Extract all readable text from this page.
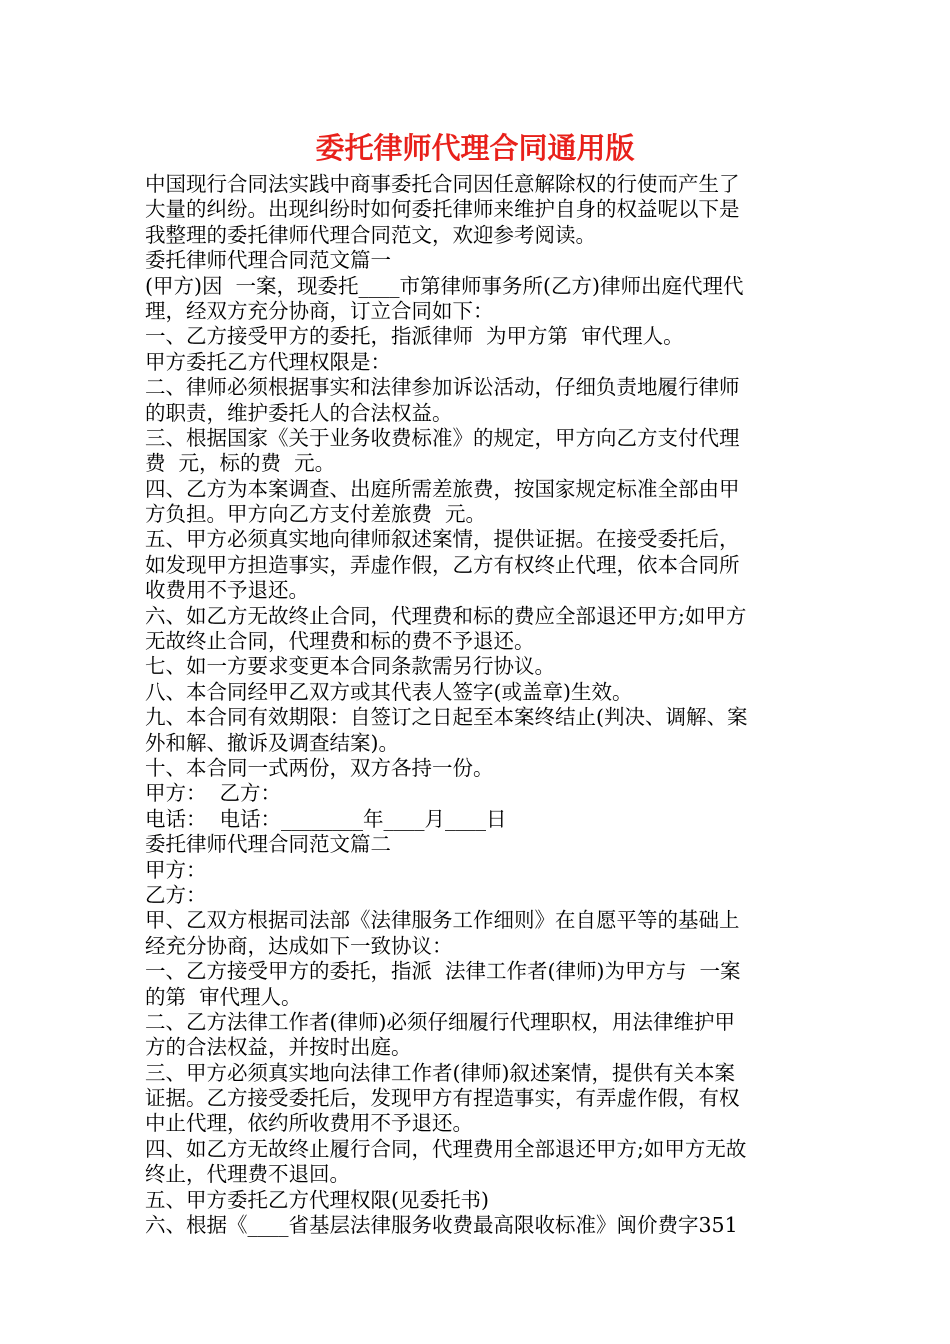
委托律师代理合同通用版
中国现行合同法实践中商事委托合同因任意解除权的行使而产生了
大量的纠纷。出现纠纷时如何委托律师来维护自身的权益呢以下是
我整理的委托律师代理合同范文，欢迎参考阅读。
委托律师代理合同范文篇一
(甲方)因  一案，现委托____市第律师事务所(乙方)律师出庭代理代
理，经双方充分协商，订立合同如下：
一、乙方接受甲方的委托，指派律师  为甲方第  审代理人。
甲方委托乙方代理权限是：
二、律师必须根据事实和法律参加诉讼活动，仔细负责地履行律师
的职责，维护委托人的合法权益。
三、根据国家《关于业务收费标准》的规定，甲方向乙方支付代理
费  元，标的费  元。
四、乙方为本案调查、出庭所需差旅费，按国家规定标准全部由甲
方负担。甲方向乙方支付差旅费  元。
五、甲方必须真实地向律师叙述案情，提供证据。在接受委托后，
如发现甲方担造事实，弄虚作假，乙方有权终止代理，依本合同所
收费用不予退还。
六、如乙方无故终止合同，代理费和标的费应全部退还甲方;如甲方
无故终止合同，代理费和标的费不予退还。
七、如一方要求变更本合同条款需另行协议。
八、本合同经甲乙双方或其代表人签字(或盖章)生效。
九、本合同有效期限：自签订之日起至本案终结止(判决、调解、案
外和解、撤诉及调查结案)。
十、本合同一式两份，双方各持一份。
甲方：  乙方：
电话：  电话：________年____月____日
委托律师代理合同范文篇二
甲方：
乙方：
甲、乙双方根据司法部《法律服务工作细则》在自愿平等的基础上
经充分协商，达成如下一致协议：
一、乙方接受甲方的委托，指派  法律工作者(律师)为甲方与  一案
的第  审代理人。
二、乙方法律工作者(律师)必须仔细履行代理职权，用法律维护甲
方的合法权益，并按时出庭。
三、甲方必须真实地向法律工作者(律师)叙述案情，提供有关本案
证据。乙方接受委托后，发现甲方有捏造事实，有弄虚作假，有权
中止代理，依约所收费用不予退还。
四、如乙方无故终止履行合同，代理费用全部退还甲方;如甲方无故
终止，代理费不退回。
五、甲方委托乙方代理权限(见委托书)
六、根据《____省基层法律服务收费最高限收标准》闽价费字351
